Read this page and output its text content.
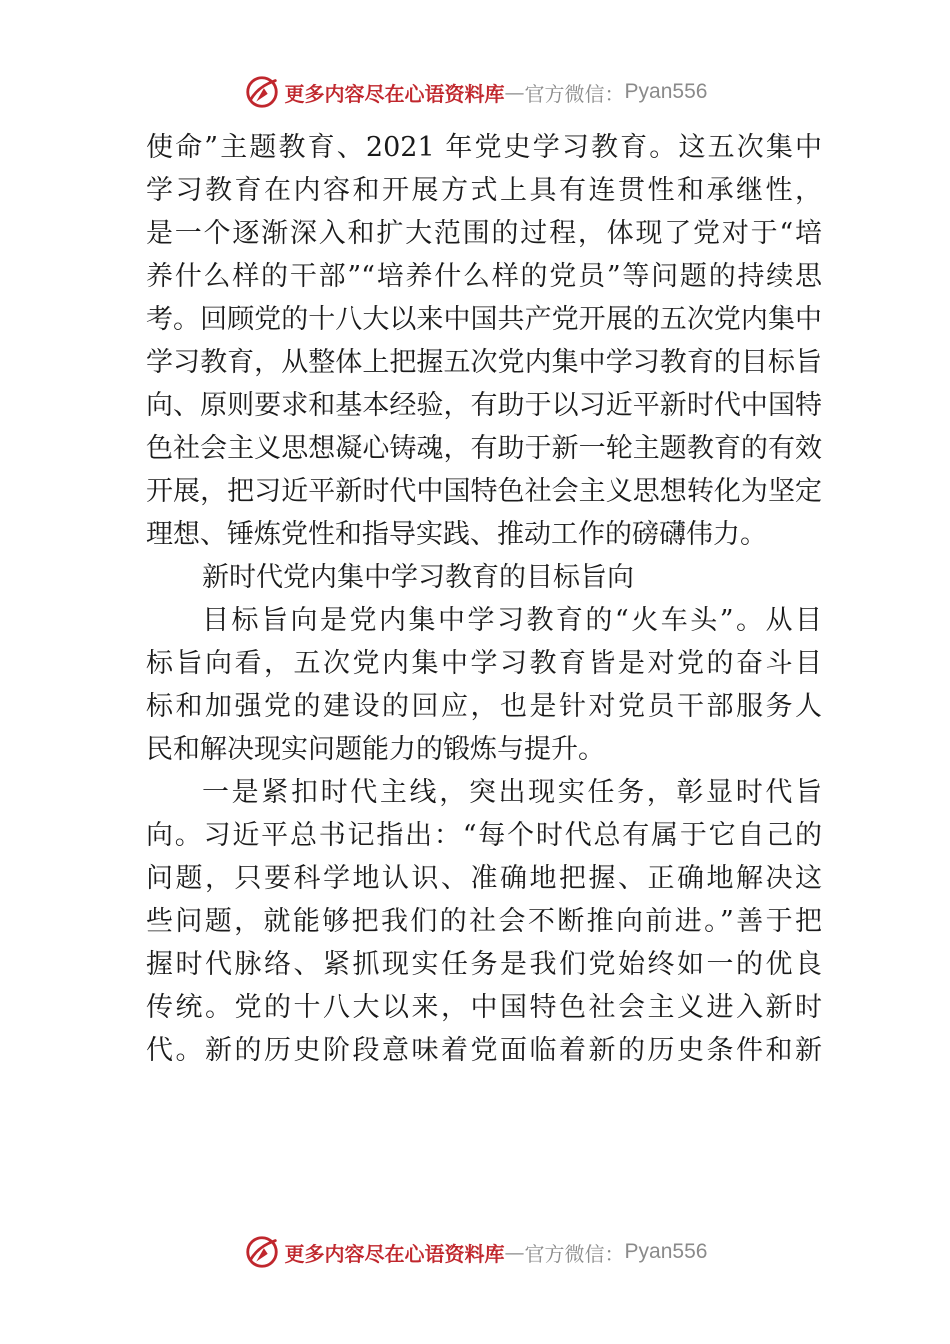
更多内容尽在心语资料库 — 官方微信： Pyan556
使命”主题教育、2021 年党史学习教育。这五次集中
学习教育在内容和开展方式上具有连贯性和承继性，
是一个逐渐深入和扩大范围的过程，体现了党对于“培
养什么样的干部”“培养什么样的党员”等问题的持续思
考。回顾党的十八大以来中国共产党开展的五次党内集中
学习教育，从整体上把握五次党内集中学习教育的目标旨
向、原则要求和基本经验，有助于以习近平新时代中国特
色社会主义思想凝心铸魂，有助于新一轮主题教育的有效
开展，把习近平新时代中国特色社会主义思想转化为坚定
理想、锤炼党性和指导实践、推动工作的磅礴伟力。
新时代党内集中学习教育的目标旨向
目标旨向是党内集中学习教育的“火车头”。从目
标旨向看，五次党内集中学习教育皆是对党的奋斗目
标和加强党的建设的回应，也是针对党员干部服务人
民和解决现实问题能力的锻炼与提升。
一是紧扣时代主线，突出现实任务，彰显时代旨
向。习近平总书记指出：“每个时代总有属于它自己的
问题，只要科学地认识、准确地把握、正确地解决这
些问题，就能够把我们的社会不断推向前进。”善于把
握时代脉络、紧抓现实任务是我们党始终如一的优良
传统。党的十八大以来，中国特色社会主义进入新时
代。新的历史阶段意味着党面临着新的历史条件和新
更多内容尽在心语资料库 — 官方微信： Pyan556
